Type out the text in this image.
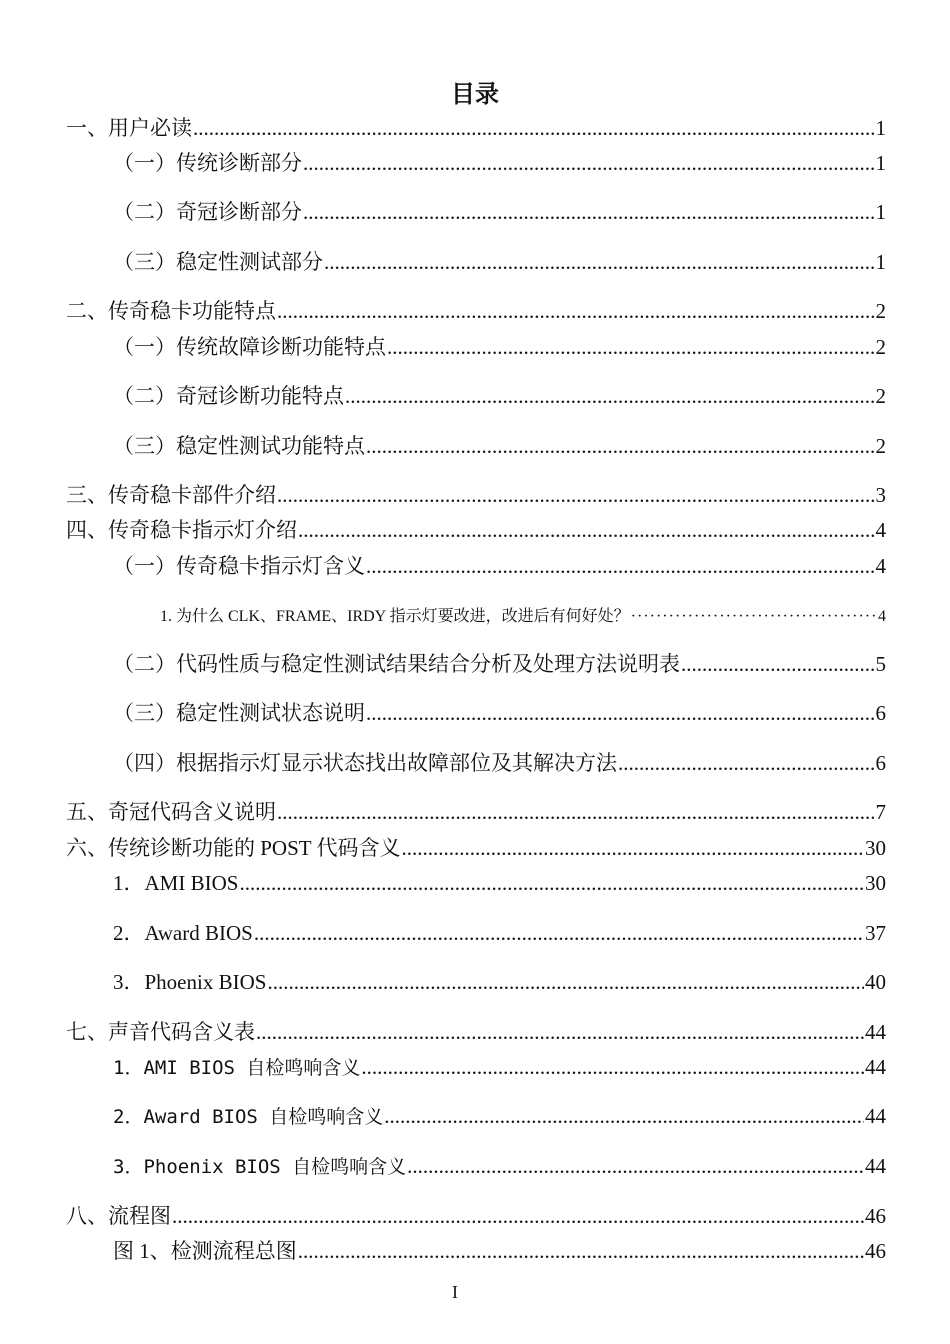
目录
一、用户必读 .....	1
（一）传统诊断部分 .....	1
（二）奇冠诊断部分 .....	1
（三）稳定性测试部分 .....	1
二、传奇稳卡功能特点 .....	2
（一）传统故障诊断功能特点 .....	2
（二）奇冠诊断功能特点 .....	2
（三）稳定性测试功能特点 .....	2
三、传奇稳卡部件介绍 .....	3
四、传奇稳卡指示灯介绍 .....	4
（一）传奇稳卡指示灯含义 .....	4
1. 为什么 CLK、FRAME、IRDY 指示灯要改进，改进后有何好处？ ·····	4
（二）代码性质与稳定性测试结果结合分析及处理方法说明表 .....	5
（三）稳定性测试状态说明 .....	6
（四）根据指示灯显示状态找出故障部位及其解决方法 .....	6
五、奇冠代码含义说明 .....	7
六、传统诊断功能的 POST 代码含义 .....	30
1．AMI BIOS .....	30
2．Award BIOS .....	37
3．Phoenix BIOS .....	40
七、声音代码含义表 .....	44
1．AMI BIOS 自检鸣响含义 .....	44
2．Award BIOS 自检鸣响含义 .....	44
3．Phoenix BIOS 自检鸣响含义 .....	44
八、流程图 .....	46
图 1、检测流程总图 .....	46
I
